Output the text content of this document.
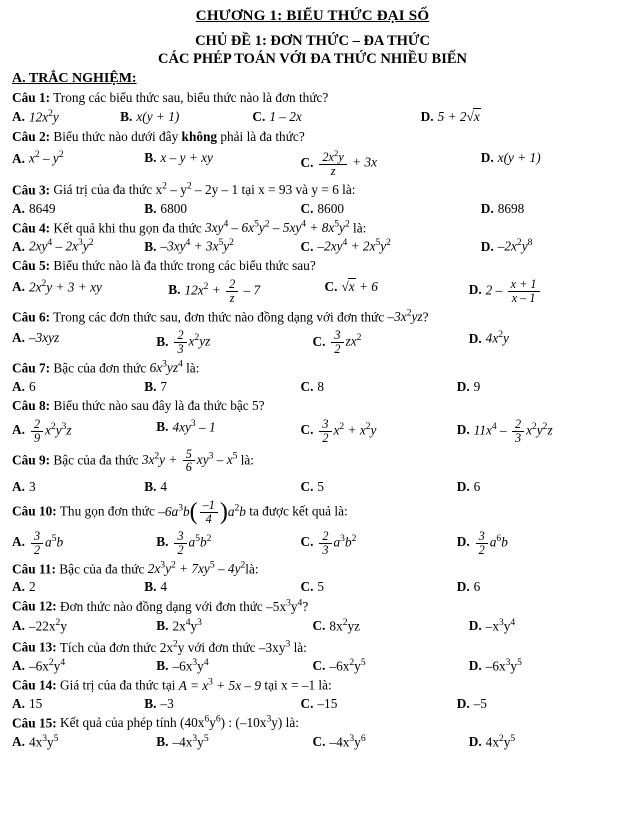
CHƯƠNG 1: BIỂU THỨC ĐẠI SỐ
CHỦ ĐỀ 1: ĐƠN THỨC – ĐA THỨC
CÁC PHÉP TOÁN VỚI ĐA THỨC NHIỀU BIẾN
A. TRẮC NGHIỆM:
Câu 1: Trong các biểu thức sau, biểu thức nào là đơn thức?
A. $12x^2y$	B. x(y + 1)	C. 1 – 2x	D. 5 + 2√x
Câu 2: Biểu thức nào dưới đây không phải là đa thức?
A. $x^2 - y^2$	B. x – y + xy	C. $\frac{2x^2y}{z} + 3x$	D. x(y + 1)
Câu 3: Giá trị của đa thức $x^2 - y^2 - 2y - 1$ tại x = 93 và y = 6 là:
A. 8649	B. 6800	C. 8600	D. 8698
Câu 4: Kết quả khi thu gọn đa thức $3xy^4 - 6x^5y^2 - 5xy^4 + 8x^5y^2$ là:
A. $2xy^4 - 2x^3y^2$	B. $-3xy^4 + 3x^5y^2$	C. $-2xy^4 + 2x^5y^2$	D. $-2x^2y^8$
Câu 5: Biểu thức nào là đa thức trong các biểu thức sau?
A. $2x^2y + 3$ + xy	B. $12x^2 + \frac{2}{z} - 7$	C. √x + 6	D. $2 - \frac{x + 1}{x - 1}$
Câu 6: Trong các đơn thức sau, đơn thức nào đồng dạng với đơn thức $-3x^2yz$?
A. –3xyz	B. $\frac{2}{3} x^2yz$	C. $\frac{3}{2} zx^2$	D. $4x^2y$
Câu 7: Bậc của đơn thức $6x^3yz^4$ là:
A. 6	B. 7	C. 8	D. 9
Câu 8: Biểu thức nào sau đây là đa thức bậc 5?
A. $\frac{2}{9} x^2y^3z$	B. $4xy^3 - 1$	C. $\frac{3}{2} x^2 + x^2y$	D. $11x^4 - \frac{2}{3} x^2y^2z$
Câu 9: Bậc của đa thức $3x^2y + \frac{5}{6} xy^3 - x^5$ là:
A. 3	B. 4	C. 5	D. 6
Câu 10: Thu gọn đơn thức $-6a^3b$ ( $\frac{-1}{4}$ ) $a^2b$ ta được kết quả là:
A. $\frac{3}{2} a^5b$	B. $\frac{3}{2} a^5b^2$	C. $\frac{2}{3} a^3b^2$	D. $\frac{3}{2} a^6b$
Câu 11: Bậc của đa thức $2x^3y^2 + 7xy^5$ – $4y^2là$:
A. 2	B. 4	C. 5	D. 6
Câu 12: Đơn thức nào đồng dạng với đơn thức $-5x^3y^4$?
A. $-22x^2y$	B. $2x^4y^3$	C. $8x^2yz$	D. $-x^3y^4$
Câu 13: Tích của đơn thức $2x^2y$ với đơn thức $-3xy^3$ là:
A. $-6x^2y^4$	B. $-6x^3y^4$	C. $-6x^2y^5$	D. $-6x^3y^5$
Câu 14: Giá trị của đa thức tại $A = x^3 + 5x - 9$ tại x = –1 là:
A. 15	B. –3	C. –15	D. –5
Câu 15: Kết quả của phép tính $(40x^6y^6)$ : $(-10x^3y)$ là:
A. $4x^3y^5$	B. $-4x^3y^5$	C. $-4x^3y^6$	D. $4x^2y^5$
